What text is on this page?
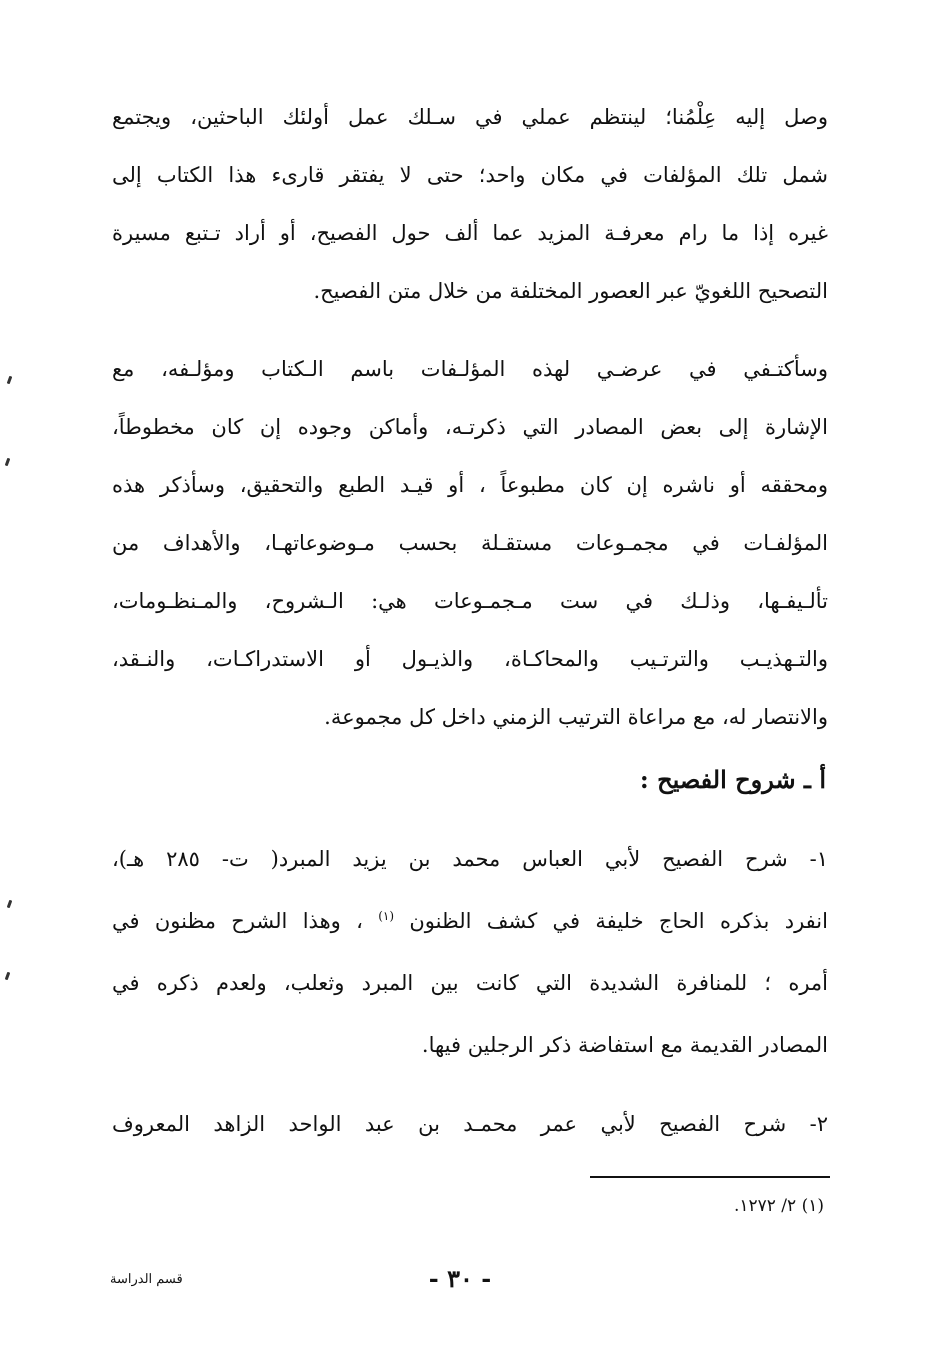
وصل إليه عِلْمُنا؛ لينتظم عملي في سـلك عمل أولئك الباحثين، ويجتمع
شمل تلك المؤلفات في مكان واحد؛ حتى لا يفتقر قارىء هذا الكتاب إلى
غيره إذا ما رام معرفـة المزيد عما ألف حول الفصيح، أو أراد تـتبع مسيرة
التصحيح اللغويّ عبر العصور المختلفة من خلال متن الفصيح.
وسأكتـفي في عرضـي لهذه المؤلـفات باسم الـكتاب ومؤلـفه، مع
الإشارة إلى بعض المصادر التي ذكرتـه، وأماكن وجوده إن كان مخطوطاً،
ومحققه أو ناشره إن كان مطبوعاً ، أو قيـد الطبع والتحقيق، وسأذكر هذه
المؤلفـات في مجمـوعات مستقـلة بحسب مـوضوعاتهـا، والأهداف من
تألـيفـها، وذلـك في ست مـجمـوعات هي: الـشروح، والمـنظـومات،
والتـهذيـب والترتـيب والمحاكـاة، والذيـول أو الاستدراكـات، والنـقد،
والانتصار له، مع مراعاة الترتيب الزمني داخل كل مجموعة.
أ ـ شروح الفصيح :
١- شرح الفصيح لأبي العباس محمد بن يزيد المبرد( ت- ٢٨٥ هـ)،
انفرد بذكره الحاج خليفة في كشف الظنون $^{(١)}$ ، وهذا الشرح مظنون في
أمره ؛ للمنافرة الشديدة التي كانت بين المبرد وثعلب، ولعدم ذكره في
المصادر القديمة مع استفاضة ذكر الرجلين فيها.
٢- شرح الفصيح لأبي عمر محمـد بن عبد الواحد الزاهد المعروف
(١) ٢/ ١٢٧٢.
- ٣٠ -
قسم الدراسة
